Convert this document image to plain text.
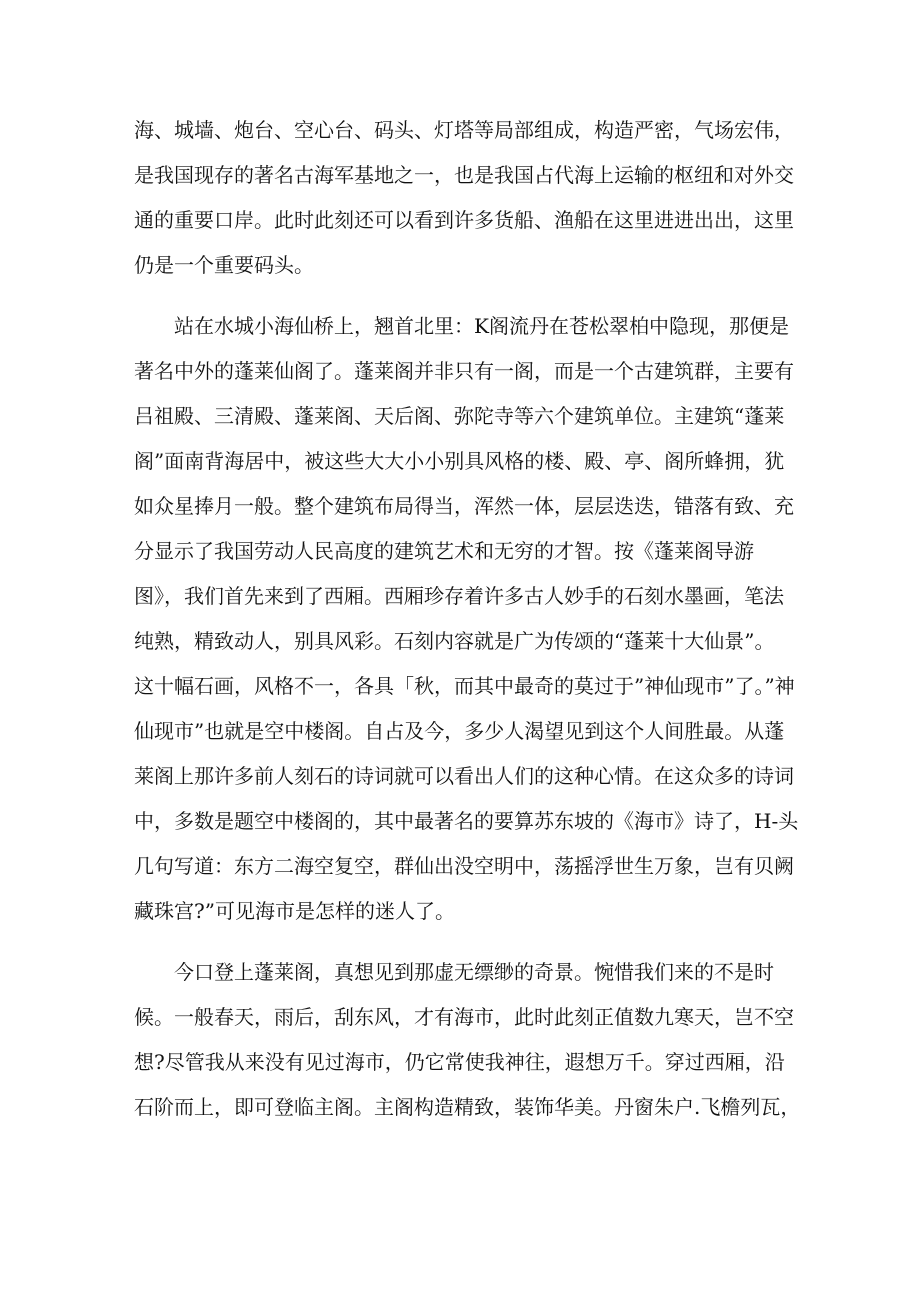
海、城墙、炮台、空心台、码头、灯塔等局部组成，构造严密，气场宏伟，
是我国现存的著名古海军基地之一，也是我国占代海上运输的枢纽和对外交
通的重要口岸。此时此刻还可以看到许多货船、渔船在这里进进出出，这里
仍是一个重要码头。
站在水城小海仙桥上，翘首北里：K阁流丹在苍松翠柏中隐现，那便是
著名中外的蓬莱仙阁了。蓬莱阁并非只有一阁，而是一个古建筑群，主要有
吕祖殿、三清殿、蓬莱阁、天后阁、弥陀寺等六个建筑单位。主建筑“蓬莱
阁”面南背海居中，被这些大大小小别具风格的楼、殿、亭、阁所蜂拥，犹
如众星捧月一般。整个建筑布局得当，浑然一体，层层迭迭，错落有致、充
分显示了我国劳动人民高度的建筑艺术和无穷的才智。按《蓬莱阁导游
图》，我们首先来到了西厢。西厢珍存着许多古人妙手的石刻水墨画，笔法
纯熟，精致动人，别具风彩。石刻内容就是广为传颂的“蓬莱十大仙景”。
这十幅石画，风格不一，各具「秋，而其中最奇的莫过于”神仙现市”了。”神
仙现市”也就是空中楼阁。自占及今，多少人渴望见到这个人间胜最。从蓬
莱阁上那许多前人刻石的诗词就可以看出人们的这种心情。在这众多的诗词
中，多数是题空中楼阁的，其中最著名的要算苏东坡的《海市》诗了，H-头
几句写道：东方二海空复空，群仙出没空明中，荡摇浮世生万象，岂有贝阙
藏珠宫?”可见海市是怎样的迷人了。
今口登上蓬莱阁，真想见到那虚无缥缈的奇景。惋惜我们来的不是时
候。一般春天，雨后，刮东风，才有海市，此时此刻正值数九寒天，岂不空
想?尽管我从来没有见过海市，仍它常使我神往，遐想万千。穿过西厢，沿
石阶而上，即可登临主阁。主阁构造精致，装饰华美。丹窗朱户.飞檐列瓦，
